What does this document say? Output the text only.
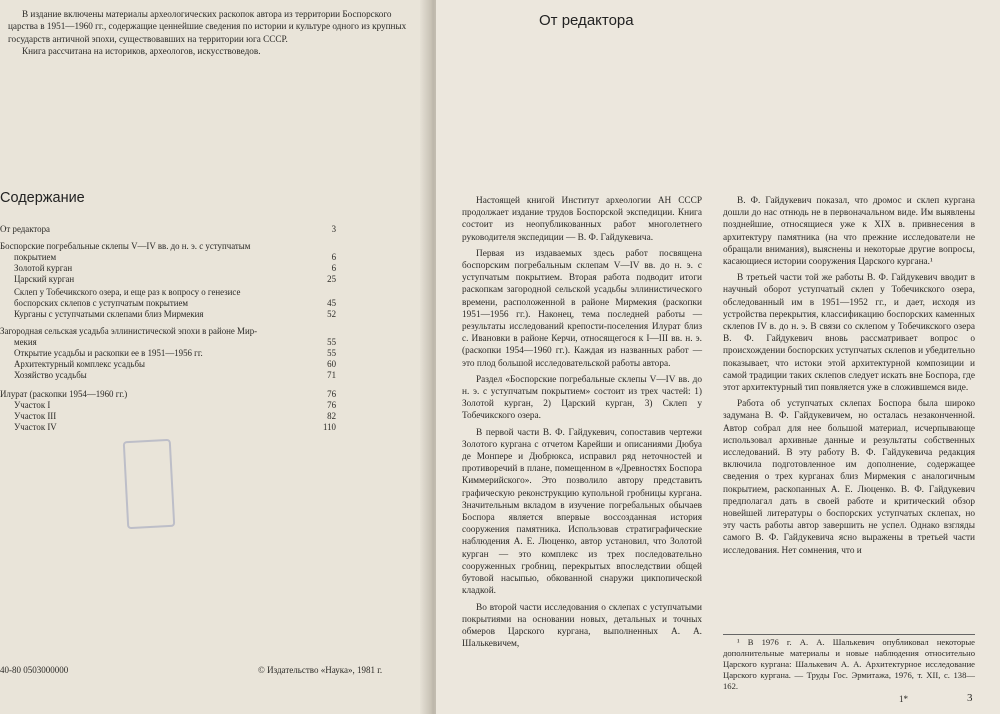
В издание включены материалы археологических раскопок автора из территории Боспорского царства в 1951—1960 гг., содержащие ценнейшие сведения по истории и культуре одного из крупных государств античной эпохи, существовавших на территории юга СССР.

Книга рассчитана на историков, археологов, искусствоведов.

Содержание
От редактора	3
Боспорские погребальные склепы V—IV вв. до н. э. с уступчатым
покрытием	6
Золотой курган	6
Царский курган	25
Склеп у Тобечикского озера, и еще раз к вопросу о генезисе
боспорских склепов с уступчатым покрытием	45
Курганы с уступчатыми склепами близ Мирмекия	52
Загородная сельская усадьба эллинистической эпохи в районе Мир-
мекия	55
Открытие усадьбы и раскопки ее в 1951—1956 гг.	55
Архитектурный комплекс усадьбы	60
Хозяйство усадьбы	71
Илурат (раскопки 1954—1960 гг.)	76
Участок I	76
Участок III	82
Участок IV	110
40-80 0503000000	© Издательство «Наука», 1981 г.
От редактора

Настоящей книгой Институт археологии АН СССР продолжает издание трудов Боспорской экспедиции. Книга состоит из неопубликованных работ многолетнего руководителя экспедиции — В. Ф. Гайдукевича.

Первая из издаваемых здесь работ посвящена боспорским погребальным склепам V—IV вв. до н. э. с уступчатым покрытием. Вторая работа подводит итоги раскопкам загородной сельской усадьбы эллинистического времени, расположенной в районе Мирмекия (раскопки 1951—1956 гг.). Наконец, тема последней работы — результаты исследований крепости-поселения Илурат близ с. Ивановки в районе Керчи, относящегося к I—III вв. н. э. (раскопки 1954—1960 гг.). Каждая из названных работ — это плод большой исследовательской работы автора.

Раздел «Боспорские погребальные склепы V—IV вв. до н. э. с уступчатым покрытием» состоит из трех частей: 1) Золотой курган, 2) Царский курган, 3) Склеп у Тобечикского озера.

В первой части В. Ф. Гайдукевич, сопоставив чертежи Золотого кургана с отчетом Карейши и описаниями Дюбуа де Монпере и Дюбрюкса, исправил ряд неточностей и противоречий в плане, помещенном в «Древностях Боспора Киммерийского». Это позволило автору представить графическую реконструкцию купольной гробницы кургана. Значительным вкладом в изучение погребальных обычаев Боспора является впервые воссозданная история сооружения памятника. Использовав стратиграфические наблюдения А. Е. Люценко, автор установил, что Золотой курган — это комплекс из трех последовательно сооруженных гробниц, перекрытых впоследствии общей бутовой насыпью, обкованной снаружи цикпопической кладкой.

Во второй части исследования о склепах с уступчатыми покрытиями на основании новых, детальных и точных обмеров Царского кургана, выполненных А. А. Шалькевичем,

В. Ф. Гайдукевич показал, что дромос и склеп кургана дошли до нас отнюдь не в первоначальном виде. Им выявлены позднейшие, относящиеся уже к XIX в. привнесения в архитектуру памятника (на что прежние исследователи не обращали внимания), выяснены и некоторые другие вопросы, касающиеся истории сооружения Царского кургана.¹

В третьей части той же работы В. Ф. Гайдукевич вводит в научный оборот уступчатый склеп у Тобечикского озера, обследованный им в 1951—1952 гг., и дает, исходя из устройства перекрытия, классификацию боспорских каменных склепов IV в. до н. э. В связи со склепом у Тобечикского озера В. Ф. Гайдукевич вновь рассматривает вопрос о происхождении боспорских уступчатых склепов и убедительно показывает, что истоки этой архитектурной композиции и самой традиции таких склепов следует искать вне Боспора, где этот архитектурный тип появляется уже в сложившемся виде.

Работа об уступчатых склепах Боспора была широко задумана В. Ф. Гайдукевичем, но осталась незаконченной. Автор собрал для нее большой материал, исчерпывающе использовал архивные данные и результаты собственных исследований. В эту работу В. Ф. Гайдукевича редакция включила подготовленное им дополнение, содержащее сведения о трех курганах близ Мирмекия с аналогичным покрытием, раскопанных А. Е. Люценко. В. Ф. Гайдукевич предполагал дать в своей работе и критический обзор новейшей литературы о боспорских уступчатых склепах, но эту часть работы автор завершить не успел. Однако взгляды самого В. Ф. Гайдукевича ясно выражены в третьей части исследования. Нет сомнения, что и

¹ В 1976 г. А. А. Шалькевич опубликовал некоторые дополнительные материалы и новые наблюдения относительно Царского кургана: Шалькевич А. А. Архитектурное исследование Царского кургана. — Труды Гос. Эрмитажа, 1976, т. XII, с. 138—162.

1*	3
